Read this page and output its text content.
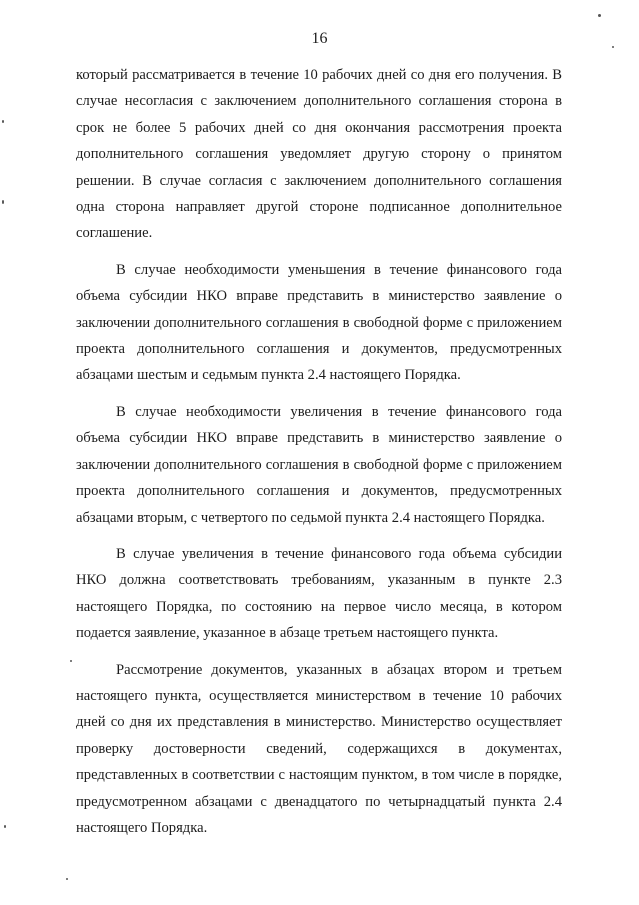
16

который рассматривается в течение 10 рабочих дней со дня его получения. В случае несогласия с заключением дополнительного соглашения сторона в срок не более 5 рабочих дней со дня окончания рассмотрения проекта дополнительного соглашения уведомляет другую сторону о принятом решении. В случае согласия с заключением дополнительного соглашения одна сторона направляет другой стороне подписанное дополнительное соглашение.

В случае необходимости уменьшения в течение финансового года объема субсидии НКО вправе представить в министерство заявление о заключении дополнительного соглашения в свободной форме с приложением проекта дополнительного соглашения и документов, предусмотренных абзацами шестым и седьмым пункта 2.4 настоящего Порядка.

В случае необходимости увеличения в течение финансового года объема субсидии НКО вправе представить в министерство заявление о заключении дополнительного соглашения в свободной форме с приложением проекта дополнительного соглашения и документов, предусмотренных абзацами вторым, с четвертого по седьмой пункта 2.4 настоящего Порядка.

В случае увеличения в течение финансового года объема субсидии НКО должна соответствовать требованиям, указанным в пункте 2.3 настоящего Порядка, по состоянию на первое число месяца, в котором подается заявление, указанное в абзаце третьем настоящего пункта.

Рассмотрение документов, указанных в абзацах втором и третьем настоящего пункта, осуществляется министерством в течение 10 рабочих дней со дня их представления в министерство. Министерство осуществляет проверку достоверности сведений, содержащихся в документах, представленных в соответствии с настоящим пунктом, в том числе в порядке, предусмотренном абзацами с двенадцатого по четырнадцатый пункта 2.4 настоящего Порядка.
